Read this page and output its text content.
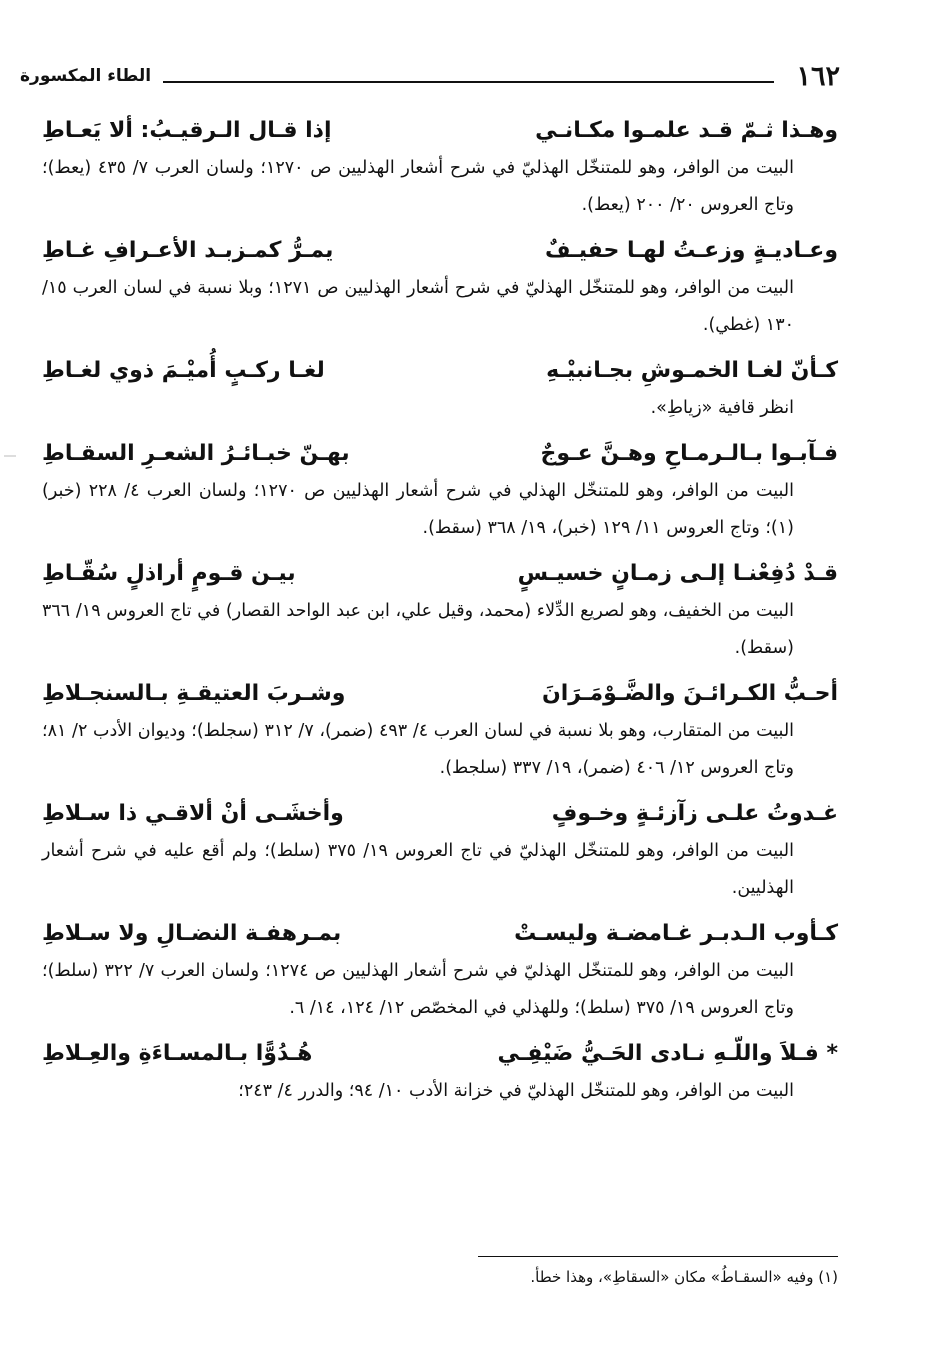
١٦٢
الطاء المكسورة
وهـذا ثـمّ قـد علمـوا مكـانـي
إذا قـال الـرقيـبُ: ألا يَعـاطِ
البيت من الوافر، وهو للمتنخّل الهذليّ في شرح أشعار الهذليين ص ١٢٧٠؛ ولسان العرب ٧/ ٤٣٥ (يعط)؛ وتاج العروس ٢٠/ ٢٠٠ (يعط).
وعـاديـةٍ وزعـتُ لهـا حفيـفٌ
يمـرُّ كمـزبـد الأعـرافِ غـاطِ
البيت من الوافر، وهو للمتنخّل الهذليّ في شرح أشعار الهذليين ص ١٢٧١؛ وبلا نسبة في لسان العرب ١٥/ ١٣٠ (غطي).
كـأنّ لغـا الخمـوشِ بجـانبيْـهِ
لغـا ركـبٍ أُميْـمَ ذوي لغـاطِ
انظر قافية «زياطِ».
فـآبـوا بـالـرمـاحِ وهـنَّ عـوجٌ
بهـنّ خبـائـرُ الشعـرِ السقـاطِ
البيت من الوافر، وهو للمتنخّل الهذلي في شرح أشعار الهذليين ص ١٢٧٠؛ ولسان العرب ٤/ ٢٢٨ (خبر) (١)؛ وتاج العروس ١١/ ١٢٩ (خبر)، ١٩/ ٣٦٨ (سقط).
قـدْ دُفِعْنـا إلـى زمـانٍ خسيـسٍ
بيـن قـومٍ أراذلٍ سُقّـاطِ
البيت من الخفيف، وهو لصريع الدِّلاء (محمد، وقيل علي، ابن عبد الواحد القصار) في تاج العروس ١٩/ ٣٦٦ (سقط).
أحـبُّ الكـرائـنَ والضَّـوْمَـرَانَ
وشـربَ العتيقـةِ بـالسنجـلاطِ
البيت من المتقارب، وهو بلا نسبة في لسان العرب ٤/ ٤٩٣ (ضمر)، ٧/ ٣١٢ (سجلط)؛ وديوان الأدب ٢/ ٨١؛ وتاج العروس ١٢/ ٤٠٦ (ضمر)، ١٩/ ٣٣٧ (سلجط).
غـدوتُ علـى زآزئـةٍ وخـوفٍ
وأخشَـى أنْ ألاقـي ذا سـلاطِ
البيت من الوافر، وهو للمتنخّل الهذليّ في تاج العروس ١٩/ ٣٧٥ (سلط)؛ ولم أقع عليه في شرح أشعار الهذليين.
كـأوب الـدبـر غـامضـة وليسـتْ
بمـرهفـة النضـالِ ولا سـلاطِ
البيت من الوافر، وهو للمتنخّل الهذليّ في شرح أشعار الهذليين ص ١٢٧٤؛ ولسان العرب ٧/ ٣٢٢ (سلط)؛ وتاج العروس ١٩/ ٣٧٥ (سلط)؛ وللهذلي في المخصّص ١٢/ ١٢٤، ١٤/ ٦.
* فـلاَ واللّـهِ نـادى الحَـيُّ ضَيْفِـي
هُـدُوًّا بـالمسـاءَةِ والعِـلاطِ
البيت من الوافر، وهو للمتنخّل الهذليّ في خزانة الأدب ١٠/ ٩٤؛ والدرر ٤/ ٢٤٣؛
(١) وفيه «السقـاطُ» مكان «السقاطِ»، وهذا خطأ.
